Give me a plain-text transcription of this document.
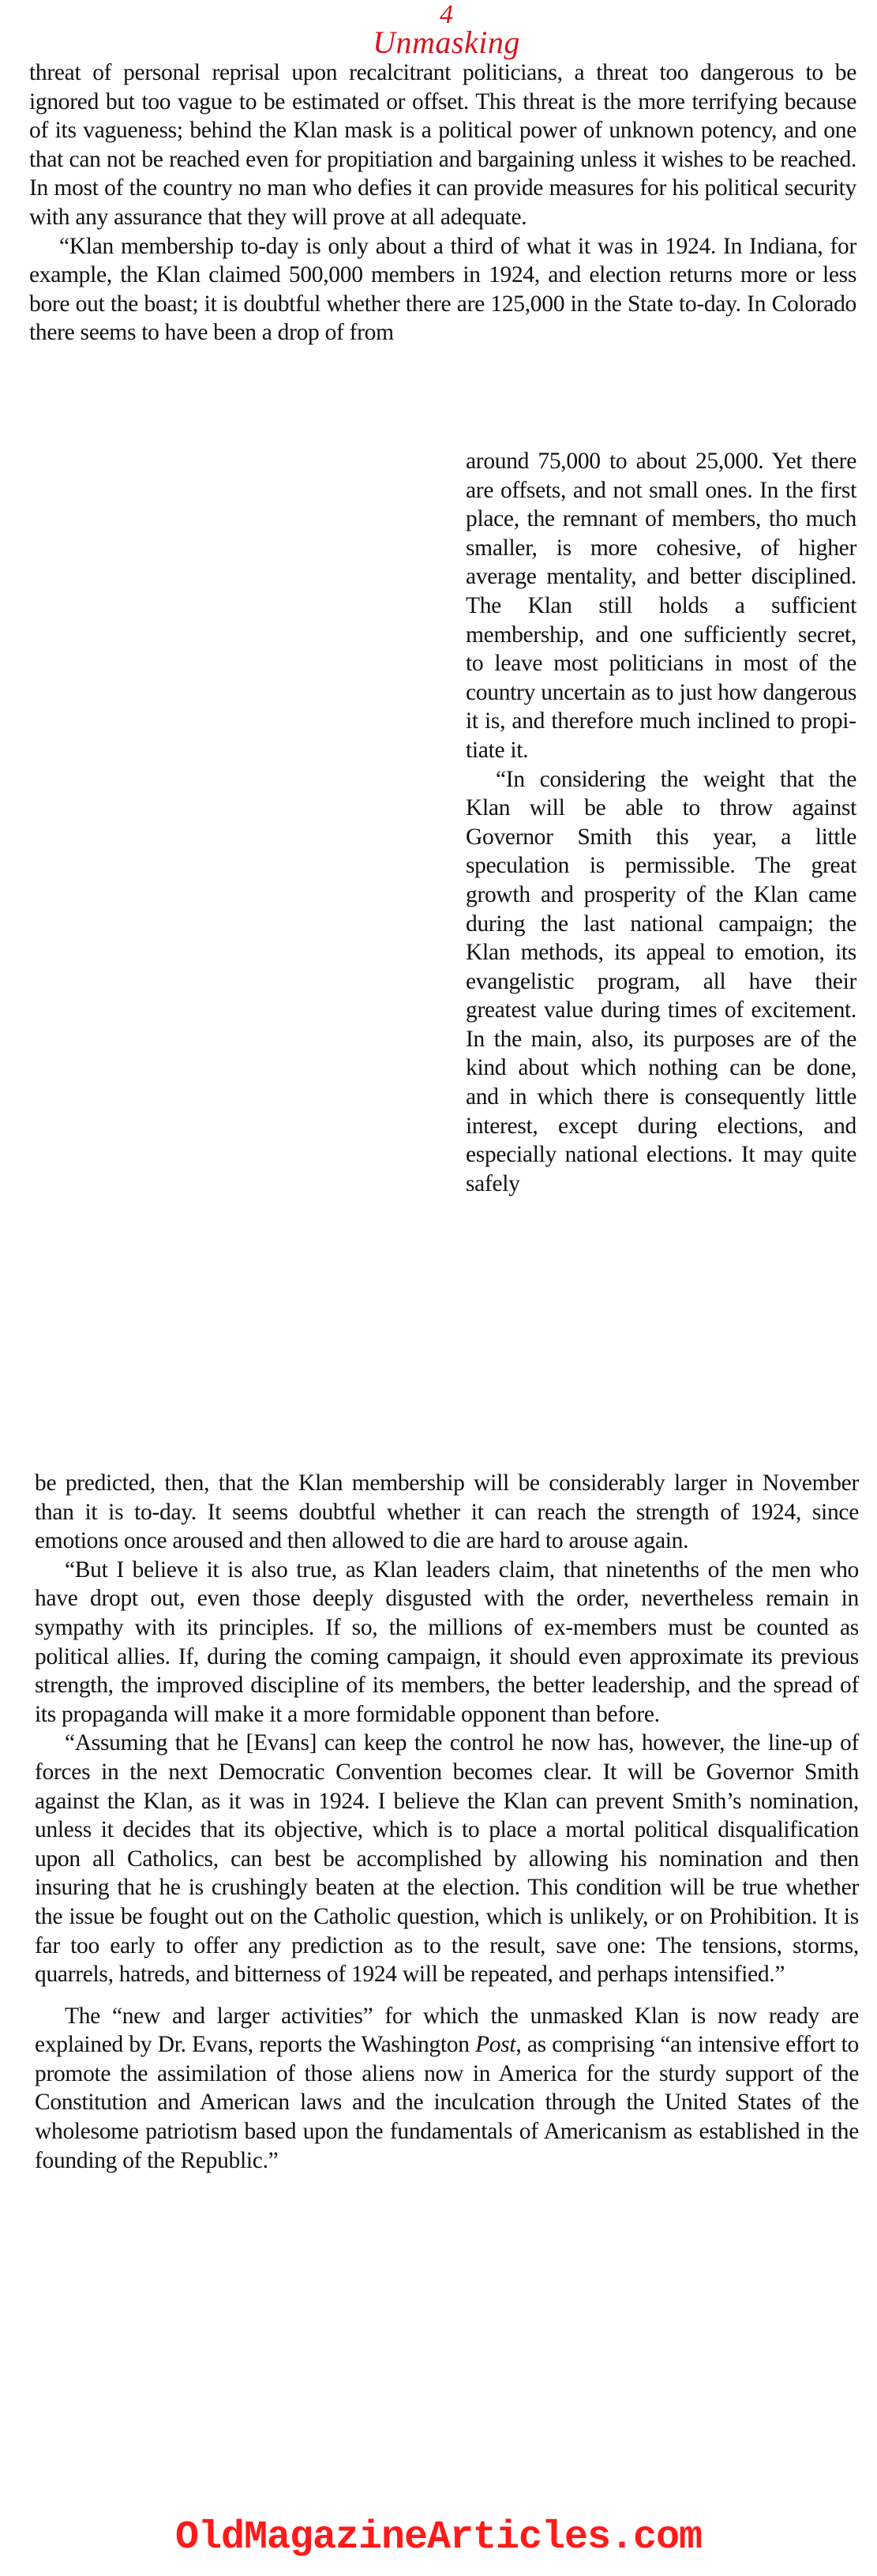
4
Unmasking

threat of personal reprisal upon recalcitrant politicians, a threat too dangerous to be ignored but too vague to be estimated or offset. This threat is the more terrifying because of its vagueness; behind the Klan mask is a political power of unknown potency, and one that can not be reached even for propitiation and bargaining unless it wishes to be reached. In most of the country no man who defies it can provide measures for his political security with any assurance that they will prove at all adequate.

“Klan membership to-day is only about a third of what it was in 1924. In Indiana, for example, the Klan claimed 500,000 members in 1924, and election returns more or less bore out the boast; it is doubtful whether there are 125,000 in the State to-day. In Colorado there seems to have been a drop of from

around 75,000 to about 25,000. Yet there are offsets, and not small ones. In the first place, the remnant of members, tho much smaller, is more cohesive, of higher average mentality, and better disciplined. The Klan still holds a sufficient membership, and one sufficiently secret, to leave most politicians in most of the country uncertain as to just how dangerous it is, and therefore much inclined to propitiate it.

“In considering the weight that the Klan will be able to throw against Governor Smith this year, a little speculation is permissible. The great growth and prosperity of the Klan came during the last national campaign; the Klan methods, its appeal to emotion, its evangelistic program, all have their greatest value during times of excitement. In the main, also, its purposes are of the kind about which nothing can be done, and in which there is consequently little interest, except during elections, and especially national elections. It may quite safely

be predicted, then, that the Klan membership will be considerably larger in November than it is to-day. It seems doubtful whether it can reach the strength of 1924, since emotions once aroused and then allowed to die are hard to arouse again.

“But I believe it is also true, as Klan leaders claim, that ninetenths of the men who have dropt out, even those deeply disgusted with the order, nevertheless remain in sympathy with its principles. If so, the millions of ex-members must be counted as political allies. If, during the coming campaign, it should even approximate its previous strength, the improved discipline of its members, the better leadership, and the spread of its propaganda will make it a more formidable opponent than before.

“Assuming that he [Evans] can keep the control he now has, however, the line-up of forces in the next Democratic Convention becomes clear. It will be Governor Smith against the Klan, as it was in 1924. I believe the Klan can prevent Smith’s nomination, unless it decides that its objective, which is to place a mortal political disqualification upon all Catholics, can best be accomplished by allowing his nomination and then insuring that he is crushingly beaten at the election. This condition will be true whether the issue be fought out on the Catholic question, which is unlikely, or on Prohibition. It is far too early to offer any prediction as to the result, save one: The tensions, storms, quarrels, hatreds, and bitterness of 1924 will be repeated, and perhaps intensified.”

The “new and larger activities” for which the unmasked Klan is now ready are explained by Dr. Evans, reports the Washington Post, as comprising “an intensive effort to promote the assimilation of those aliens now in America for the sturdy support of the Constitution and American laws and the inculcation through the United States of the wholesome patriotism based upon the fundamentals of Americanism as established in the founding of the Republic.”

OldMagazineArticles.com
